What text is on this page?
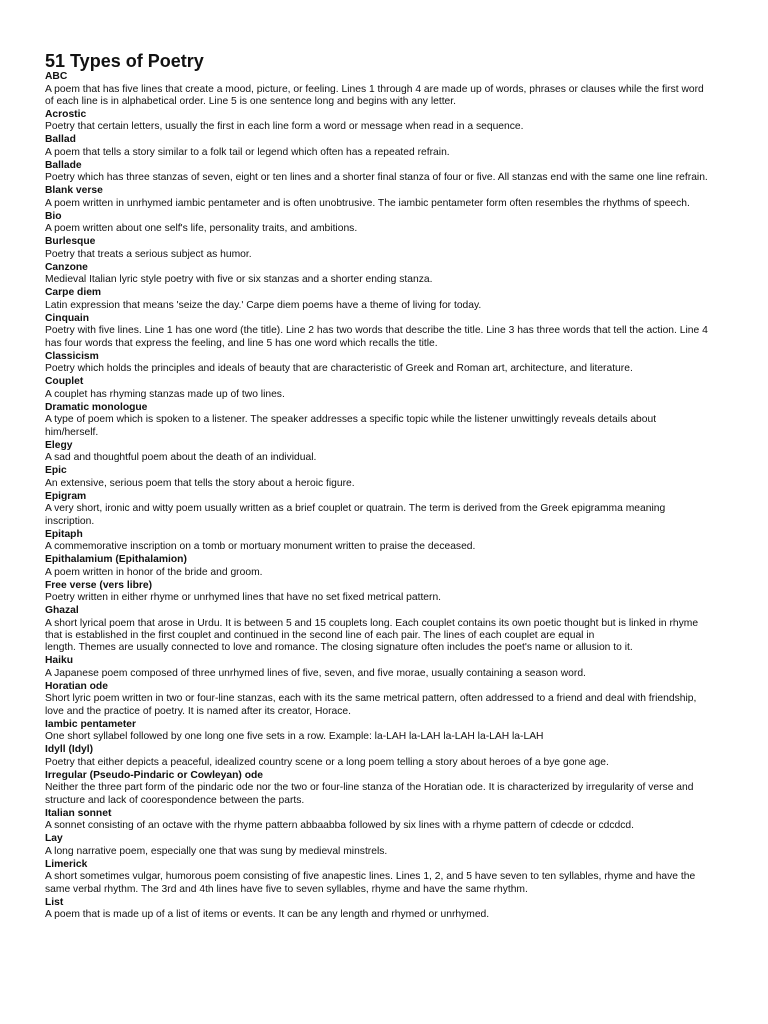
51 Types of Poetry
ABC
A poem that has five lines that create a mood, picture, or feeling. Lines 1 through 4 are made up of words, phrases or clauses while the first word of each line is in alphabetical order. Line 5 is one sentence long and begins with any letter.
Acrostic
Poetry that certain letters, usually the first in each line form a word or message when read in a sequence.
Ballad
A poem that tells a story similar to a folk tail or legend which often has a repeated refrain.
Ballade
Poetry which has three stanzas of seven, eight or ten lines and a shorter final stanza of four or five. All stanzas end with the same one line refrain.
Blank verse
A poem written in unrhymed iambic pentameter and is often unobtrusive. The iambic pentameter form often resembles the rhythms of speech.
Bio
A poem written about one self's life, personality traits, and ambitions.
Burlesque
Poetry that treats a serious subject as humor.
Canzone
Medieval Italian lyric style poetry with five or six stanzas and a shorter ending stanza.
Carpe diem
Latin expression that means 'seize the day.' Carpe diem poems have a theme of living for today.
Cinquain
Poetry with five lines. Line 1 has one word (the title). Line 2 has two words that describe the title. Line 3 has three words that tell the action. Line 4 has four words that express the feeling, and line 5 has one word which recalls the title.
Classicism
Poetry which holds the principles and ideals of beauty that are characteristic of Greek and Roman art, architecture, and literature.
Couplet
A couplet has rhyming stanzas made up of two lines.
Dramatic monologue
A type of poem which is spoken to a listener. The speaker addresses a specific topic while the listener unwittingly reveals details about him/herself.
Elegy
A sad and thoughtful poem about the death of an individual.
Epic
An extensive, serious poem that tells the story about a heroic figure.
Epigram
A very short, ironic and witty poem usually written as a brief couplet or quatrain. The term is derived from the Greek epigramma meaning inscription.
Epitaph
A commemorative inscription on a tomb or mortuary monument written to praise the deceased.
Epithalamium (Epithalamion)
A poem written in honor of the bride and groom.
Free verse (vers libre)
Poetry written in either rhyme or unrhymed lines that have no set fixed metrical pattern.
Ghazal
A short lyrical poem that arose in Urdu. It is between 5 and 15 couplets long. Each couplet contains its own poetic thought but is linked in rhyme that is established in the first couplet and continued in the second line of each pair. The lines of each couplet are equal in
length. Themes are usually connected to love and romance. The closing signature often includes the poet's name or allusion to it.
Haiku
A Japanese poem composed of three unrhymed lines of five, seven, and five morae, usually containing a season word.
Horatian ode
Short lyric poem written in two or four-line stanzas, each with its the same metrical pattern, often addressed to a friend and deal with friendship, love and the practice of poetry. It is named after its creator, Horace.
Iambic pentameter
One short syllabel followed by one long one five sets in a row. Example: la-LAH la-LAH la-LAH la-LAH la-LAH
Idyll (Idyl)
Poetry that either depicts a peaceful, idealized country scene or a long poem telling a story about heroes of a bye gone age.
Irregular (Pseudo-Pindaric or Cowleyan) ode
Neither the three part form of the pindaric ode nor the two or four-line stanza of the Horatian ode. It is characterized by irregularity of verse and structure and lack of coorespondence between the parts.
Italian sonnet
A sonnet consisting of an octave with the rhyme pattern abbaabba followed by six lines with a rhyme pattern of cdecde or cdcdcd.
Lay
A long narrative poem, especially one that was sung by medieval minstrels.
Limerick
A short sometimes vulgar, humorous poem consisting of five anapestic lines. Lines 1, 2, and 5 have seven to ten syllables, rhyme and have the same verbal rhythm. The 3rd and 4th lines have five to seven syllables, rhyme and have the same rhythm.
List
A poem that is made up of a list of items or events. It can be any length and rhymed or unrhymed.
